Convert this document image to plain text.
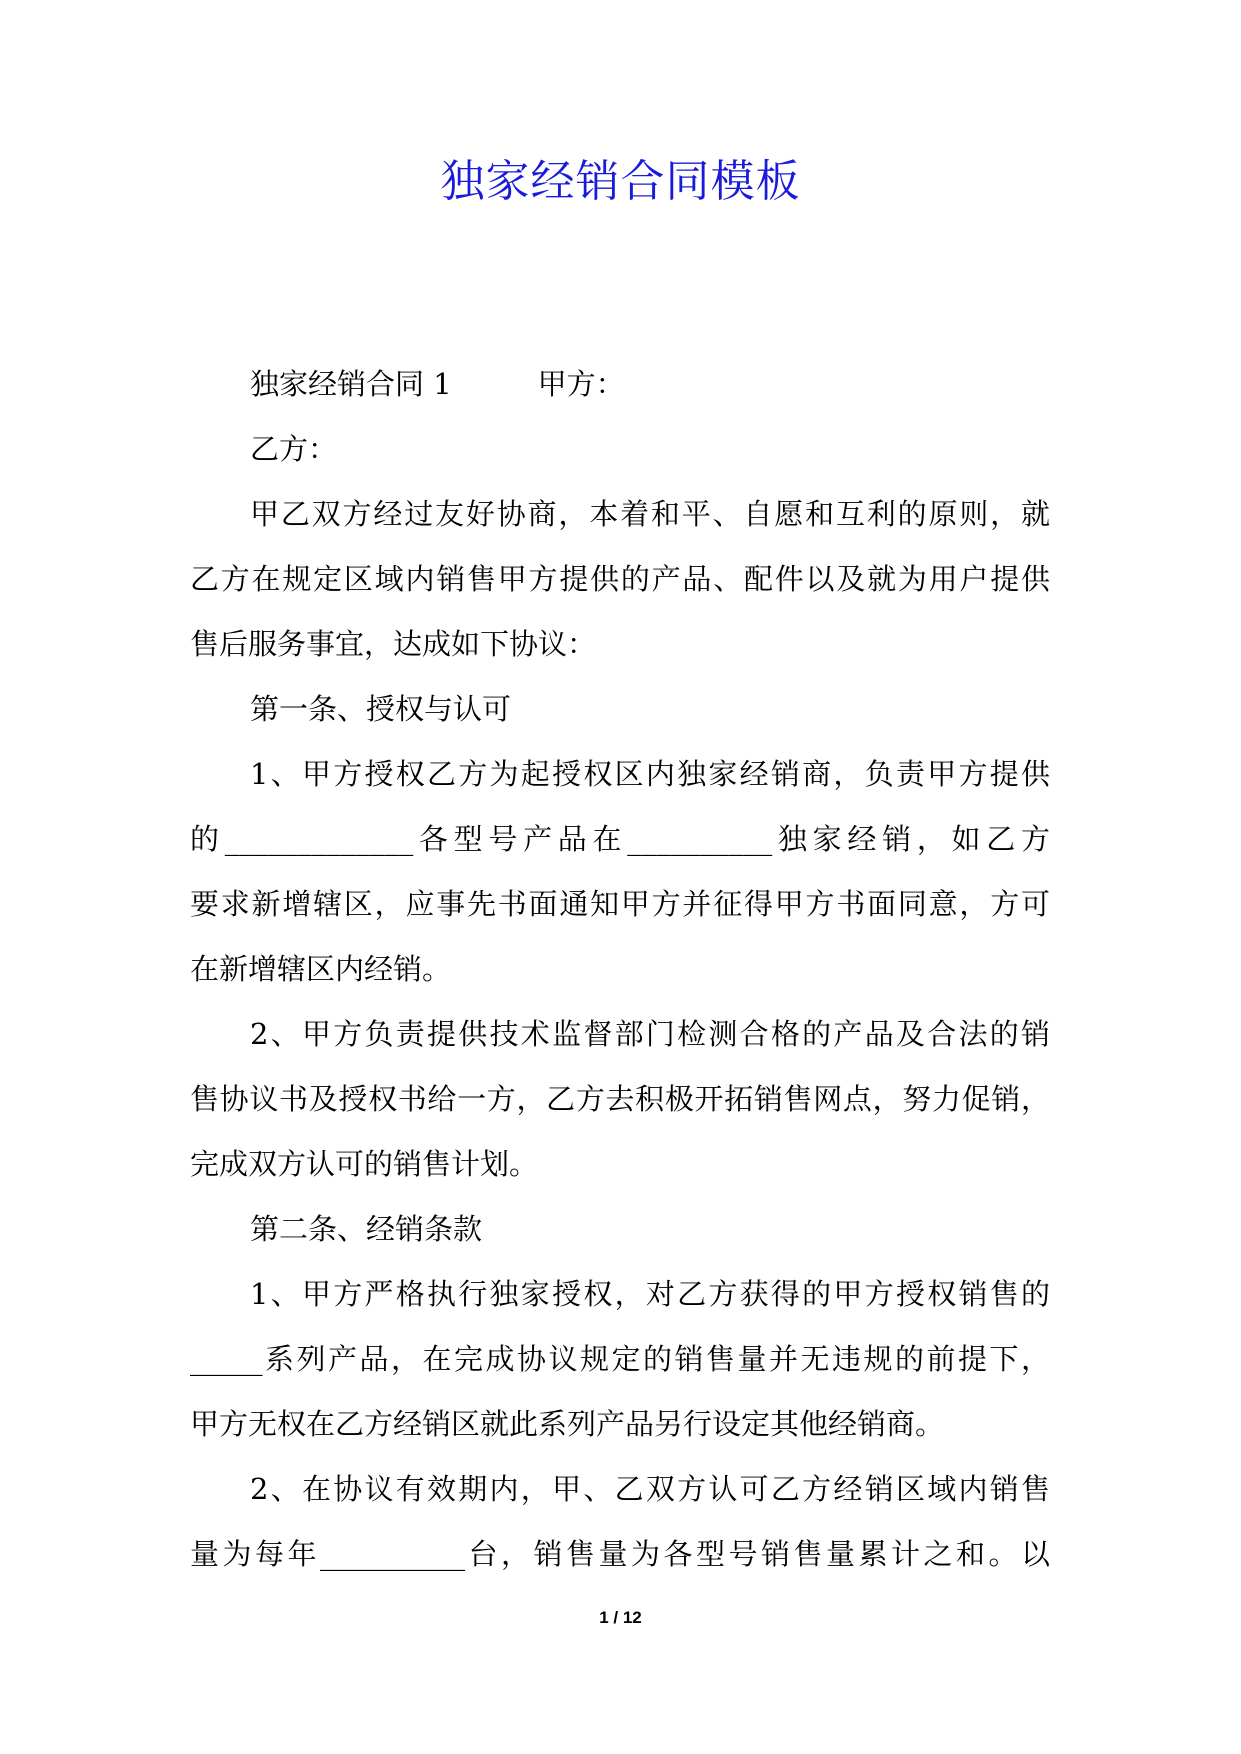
独家经销合同模板
独家经销合同 1	甲方：
乙方：
甲乙双方经过友好协商，本着和平、自愿和互利的原则，就
乙方在规定区域内销售甲方提供的产品、配件以及就为用户提供
售后服务事宜，达成如下协议：
第一条、授权与认可
1、甲方授权乙方为起授权区内独家经销商，负责甲方提供
的_____________各型号产品在__________独家经销，如乙方
要求新增辖区，应事先书面通知甲方并征得甲方书面同意，方可
在新增辖区内经销。
2、甲方负责提供技术监督部门检测合格的产品及合法的销
售协议书及授权书给一方，乙方去积极开拓销售网点，努力促销，
完成双方认可的销售计划。
第二条、经销条款
1、甲方严格执行独家授权，对乙方获得的甲方授权销售的
_____系列产品，在完成协议规定的销售量并无违规的前提下，
甲方无权在乙方经销区就此系列产品另行设定其他经销商。
2、在协议有效期内，甲、乙双方认可乙方经销区域内销售
量为每年__________台，销售量为各型号销售量累计之和。以
1 / 12
